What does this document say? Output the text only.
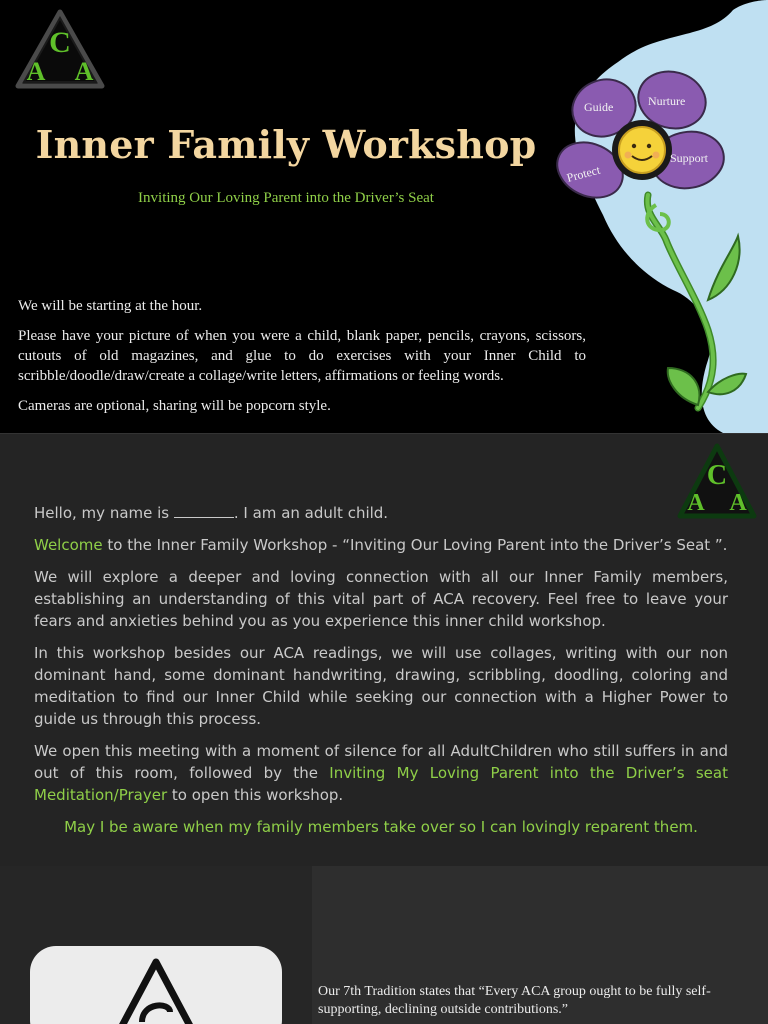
C
A A
Inner Family Workshop
Inviting Our Loving Parent into the Driver’s Seat
Guide	Nurture
Protect
Support

We will be starting at the hour.

Please have your picture of when you were a child, blank paper, pencils, crayons, scissors, cutouts of old magazines, and glue to do exercises with your Inner Child to scribble/doodle/draw/create a collage/write letters, affirmations or feeling words.

Cameras are optional, sharing will be popcorn style.

C
A A

Hello, my name is	. I am an adult child.

Welcome to the Inner Family Workshop - “Inviting Our Loving Parent into the Driver’s Seat ”.

We will explore a deeper and loving connection with all our Inner Family members, establishing an understanding of this vital part of ACA recovery. Feel free to leave your fears and anxieties behind you as you experience this inner child workshop.

In this workshop besides our ACA readings, we will use collages, writing with our non dominant hand, some dominant handwriting, drawing, scribbling, doodling, coloring and meditation to find our Inner Child while seeking our connection with a Higher Power to guide us through this process.

We open this meeting with a moment of silence for all AdultChildren who still suffers in and out of this room, followed by the Inviting My Loving Parent into the Driver’s seat Meditation/Prayer to open this workshop.

May I be aware when my family members take over so I can lovingly reparent them.

Our 7th Tradition states that “Every ACA group ought to be fully self-supporting, declining outside contributions.”
